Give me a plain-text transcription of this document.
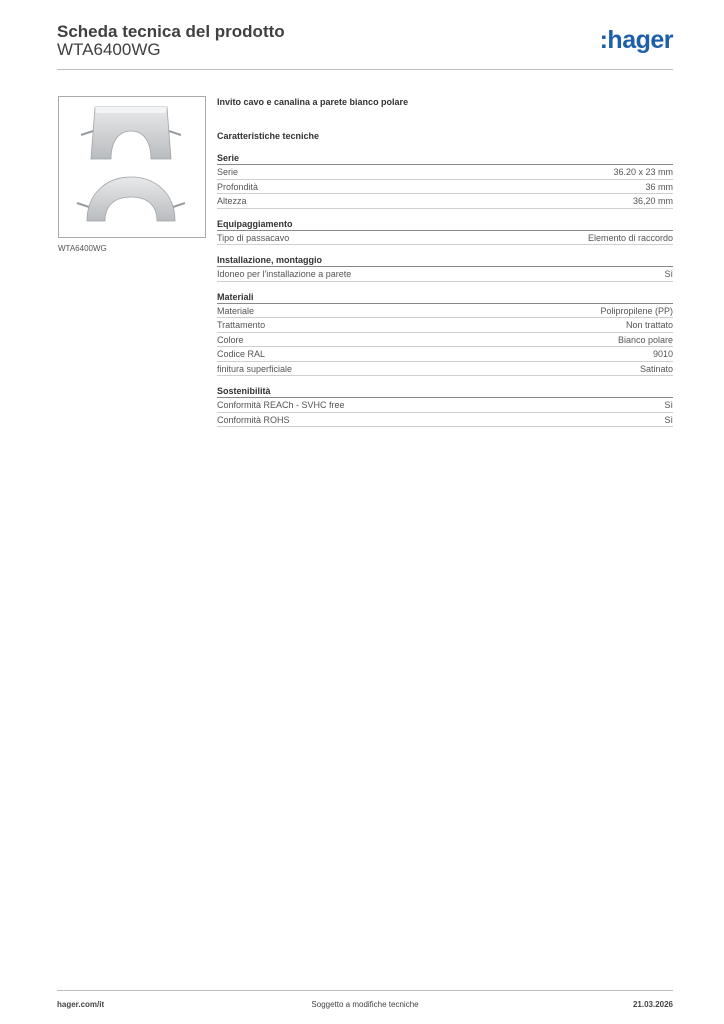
Scheda tecnica del prodotto
WTA6400WG	:hager
WTA6400WG
Invito cavo e canalina a parete bianco polare
Caratteristiche tecniche
Serie
Serie	36.20 x 23 mm
Profondità	36 mm
Altezza	36,20 mm
Equipaggiamento
Tipo di passacavo	Elemento di raccordo
Installazione, montaggio
Idoneo per l'installazione a parete	Sì
Materiali
Materiale	Polipropilene (PP)
Trattamento	Non trattato
Colore	Bianco polare
Codice RAL	9010
finitura superficiale	Satinato
Sostenibilità
Conformità REACh - SVHC free	Sì
Conformità ROHS	Sì
hager.com/it	Soggetto a modifiche tecniche	21.03.2026
